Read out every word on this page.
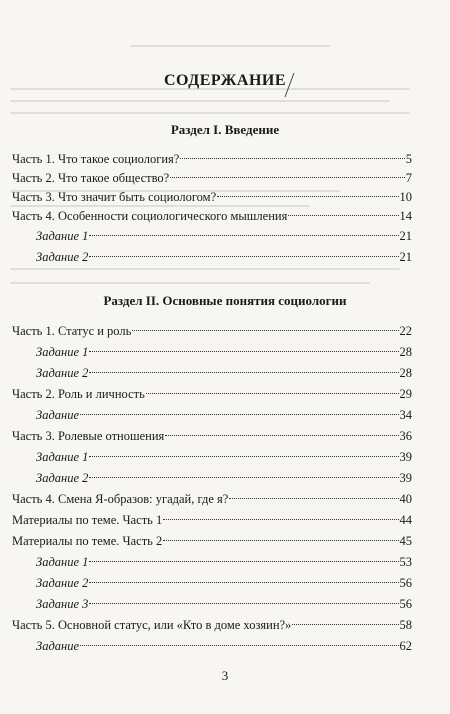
СОДЕРЖАНИЕ
Раздел I. Введение
Часть 1. Что такое социология?	5
Часть 2. Что такое общество?	7
Часть 3. Что значит быть социологом?	10
Часть 4. Особенности социологического мышления	14
Задание 1	21
Задание 2	21
Раздел II. Основные понятия социологии
Часть 1. Статус и роль	22
Задание 1	28
Задание 2	28
Часть 2. Роль и личность	29
Задание	34
Часть 3. Ролевые отношения	36
Задание 1	39
Задание 2	39
Часть 4. Смена Я-образов: угадай, где я?	40
Материалы по теме. Часть 1	44
Материалы по теме. Часть 2	45
Задание 1	53
Задание 2	56
Задание 3	56
Часть 5. Основной статус, или «Кто в доме хозяин?»	58
Задание	62
3
